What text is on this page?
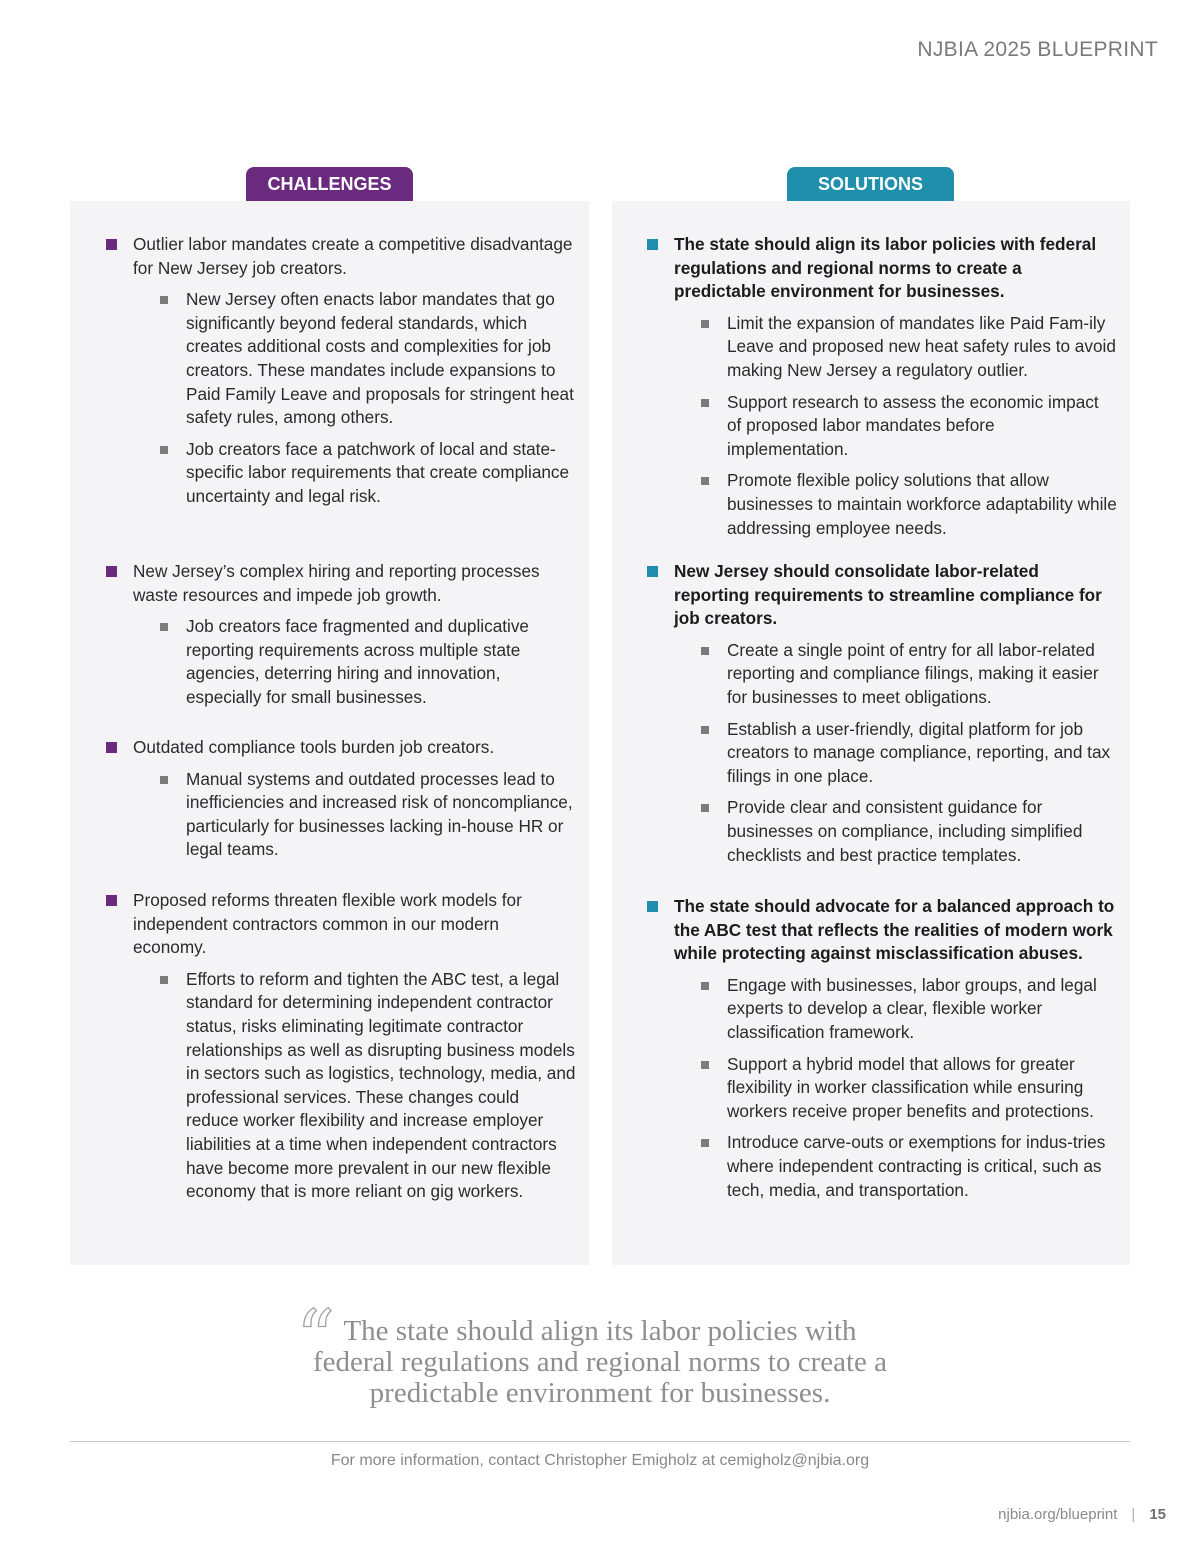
NJBIA 2025 BLUEPRINT
CHALLENGES	SOLUTIONS
Outlier labor mandates create a competitive disadvantage for New Jersey job creators.
New Jersey often enacts labor mandates that go significantly beyond federal standards, which creates additional costs and complexities for job creators. These mandates include expansions to Paid Family Leave and proposals for stringent heat safety rules, among others.
Job creators face a patchwork of local and state-specific labor requirements that create compliance uncertainty and legal risk.
New Jersey’s complex hiring and reporting processes waste resources and impede job growth.
Job creators face fragmented and duplicative reporting requirements across multiple state agencies, deterring hiring and innovation, especially for small businesses.
Outdated compliance tools burden job creators.
Manual systems and outdated processes lead to inefficiencies and increased risk of noncompliance, particularly for businesses lacking in-house HR or legal teams.
Proposed reforms threaten flexible work models for independent contractors common in our modern economy.
Efforts to reform and tighten the ABC test, a legal standard for determining independent contractor status, risks eliminating legitimate contractor relationships as well as disrupting business models in sectors such as logistics, technology, media, and professional services. These changes could reduce worker flexibility and increase employer liabilities at a time when independent contractors have become more prevalent in our new flexible economy that is more reliant on gig workers.
The state should align its labor policies with federal regulations and regional norms to create a predictable environment for businesses.
Limit the expansion of mandates like Paid Fam-ily Leave and proposed new heat safety rules to avoid making New Jersey a regulatory outlier.
Support research to assess the economic impact of proposed labor mandates before implementation.
Promote flexible policy solutions that allow businesses to maintain workforce adaptability while addressing employee needs.
New Jersey should consolidate labor-related reporting requirements to streamline compliance for job creators.
Create a single point of entry for all labor-related reporting and compliance filings, making it easier for businesses to meet obligations.
Establish a user-friendly, digital platform for job creators to manage compliance, reporting, and tax filings in one place.
Provide clear and consistent guidance for businesses on compliance, including simplified checklists and best practice templates.
The state should advocate for a balanced approach to the ABC test that reflects the realities of modern work while protecting against misclassification abuses.
Engage with businesses, labor groups, and legal experts to develop a clear, flexible worker classification framework.
Support a hybrid model that allows for greater flexibility in worker classification while ensuring workers receive proper benefits and protections.
Introduce carve-outs or exemptions for indus-tries where independent contracting is critical, such as tech, media, and transportation.
“ The state should align its labor policies with federal regulations and regional norms to create a predictable environment for businesses.
For more information, contact Christopher Emigholz at cemigholz@njbia.org
njbia.org/blueprint | 15
